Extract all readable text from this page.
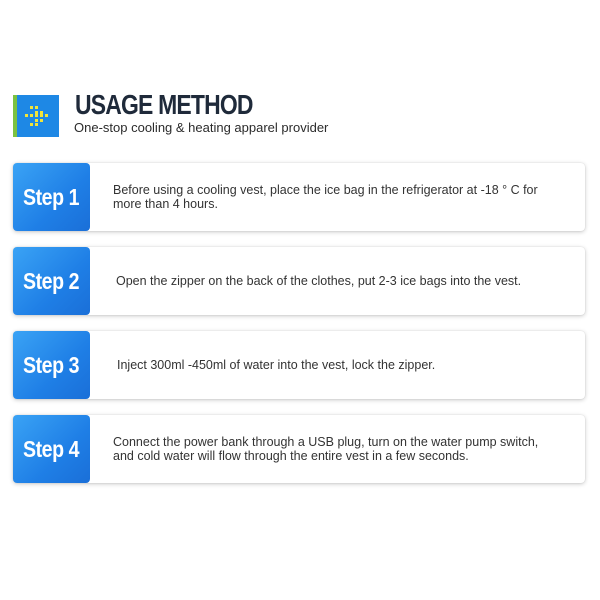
USAGE METHOD

One-stop cooling & heating apparel provider

Step 1	Before using a cooling vest, place the ice bag in the refrigerator at -18 ° C for more than 4 hours.
Step 2	Open the zipper on the back of the clothes, put 2-3 ice bags into the vest.
Step 3	Inject 300ml -450ml of water into the vest, lock the zipper.
Step 4	Connect the power bank through a USB plug, turn on the water pump switch, and cold water will flow through the entire vest in a few seconds.
